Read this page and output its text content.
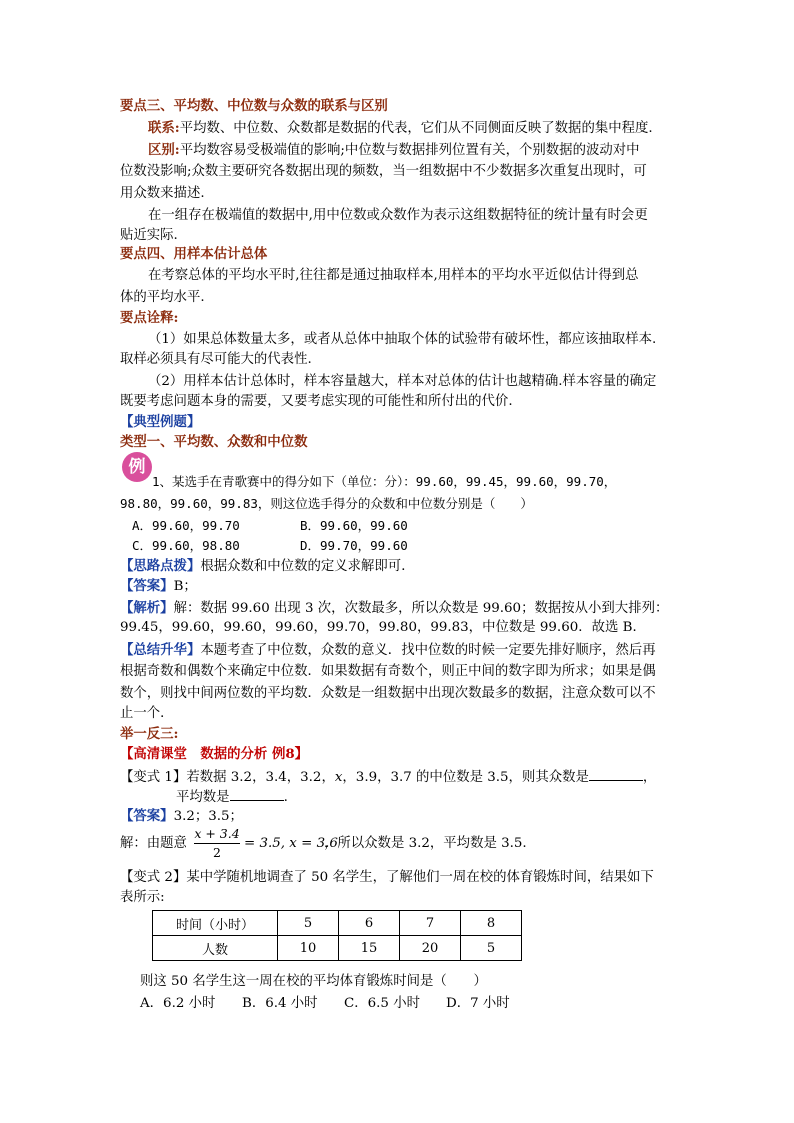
要点三、平均数、中位数与众数的联系与区别
联系:平均数、中位数、众数都是数据的代表，它们从不同侧面反映了数据的集中程度.
区别:平均数容易受极端值的影响;中位数与数据排列位置有关，个别数据的波动对中
位数没影响;众数主要研究各数据出现的频数，当一组数据中不少数据多次重复出现时，可
用众数来描述.
在一组存在极端值的数据中,用中位数或众数作为表示这组数据特征的统计量有时会更
贴近实际.
要点四、用样本估计总体
在考察总体的平均水平时,往往都是通过抽取样本,用样本的平均水平近似估计得到总
体的平均水平.
要点诠释:
（1）如果总体数量太多，或者从总体中抽取个体的试验带有破坏性，都应该抽取样本.
取样必须具有尽可能大的代表性.
（2）用样本估计总体时，样本容量越大，样本对总体的估计也越精确.样本容量的确定
既要考虑问题本身的需要，又要考虑实现的可能性和所付出的代价.
【典型例题】
类型一、平均数、众数和中位数
例
1、某选手在青歌赛中的得分如下（单位：分）：99.60，99.45，99.60，99.70，
98.80，99.60，99.83，则这位选手得分的众数和中位数分别是（　　）
A．99.60，99.70	B．99.60，99.60
C．99.60，98.80	D．99.70，99.60
【思路点拨】根据众数和中位数的定义求解即可．
【答案】B；
【解析】解：数据 99.60 出现 3 次，次数最多，所以众数是 99.60；数据按从小到大排列：
99.45，99.60，99.60，99.60，99.70，99.80，99.83，中位数是 99.60．故选 B．
【总结升华】本题考查了中位数，众数的意义．找中位数的时候一定要先排好顺序，然后再
根据奇数和偶数个来确定中位数．如果数据有奇数个，则正中间的数字即为所求；如果是偶
数个，则找中间两位数的平均数．众数是一组数据中出现次数最多的数据，注意众数可以不
止一个．
举一反三:
【高清课堂　数据的分析 例8】
【变式 1】若数据 3.2，3.4，3.2，x，3.9，3.7 的中位数是 3.5，则其众数是	，
平均数是	.
【答案】3.2；3.5；
解：由题意
x + 3.4
2
= 3.5, x = 3.6
，所以众数是 3.2，平均数是 3.5.
【变式 2】某中学随机地调查了 50 名学生，了解他们一周在校的体育锻炼时间，结果如下
表所示:
时间（小时）	5	6	7	8
人数	10	15	20	5
则这 50 名学生这一周在校的平均体育锻炼时间是（　　）
A．6.2 小时 B．6.4 小时 C．6.5 小时 D．7 小时
